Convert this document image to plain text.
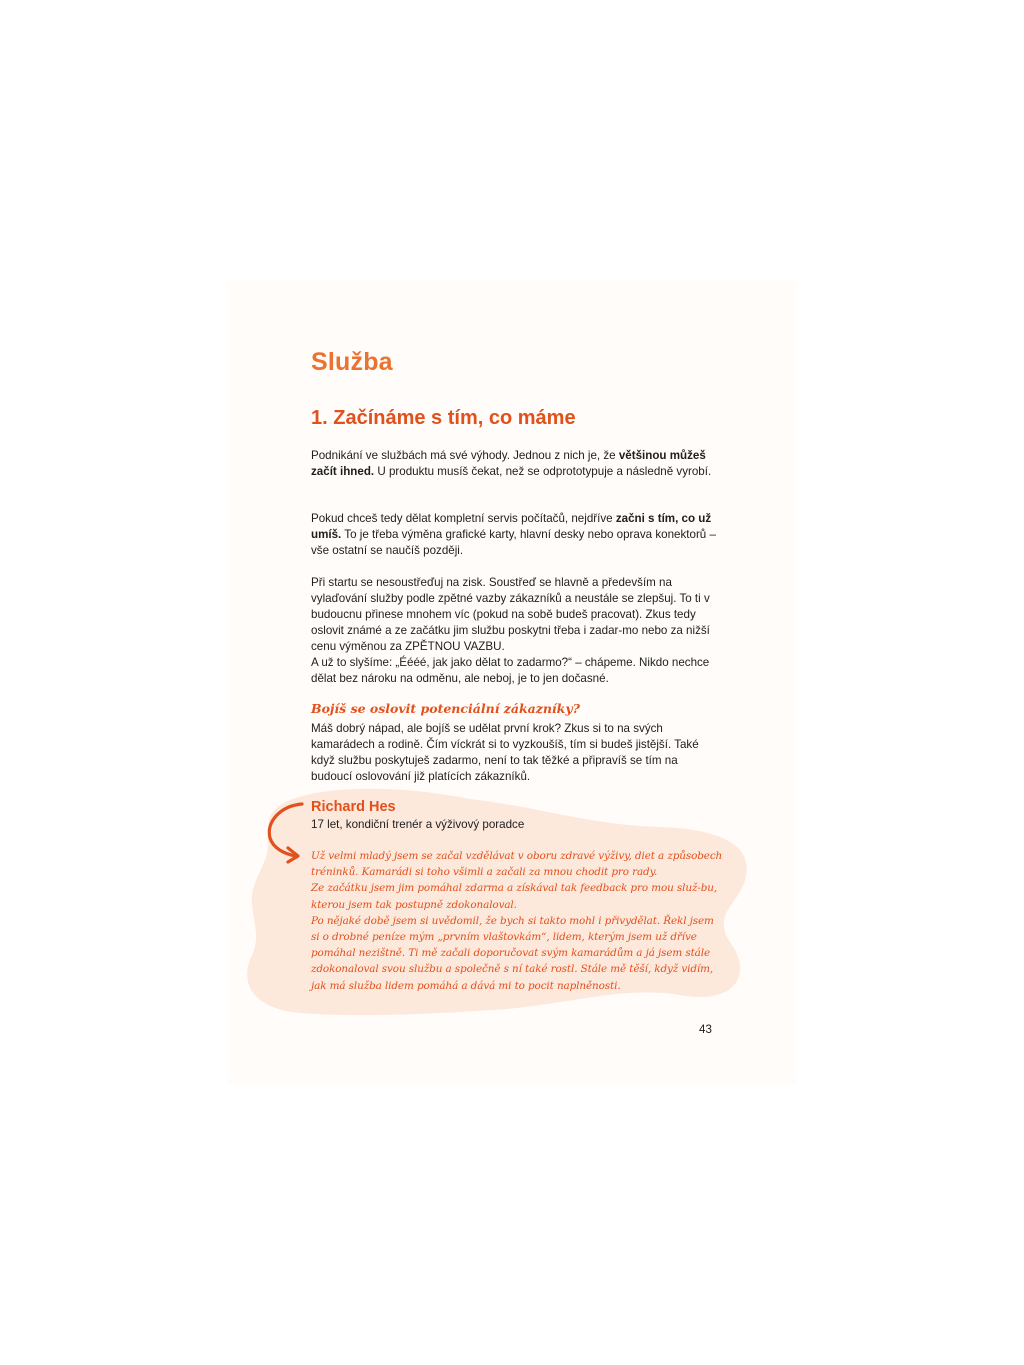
Služba
1. Začínáme s tím, co máme

Podnikání ve službách má své výhody. Jednou z nich je, že většinou můžeš začít ihned. U produktu musíš čekat, než se odprototypuje a následně vyrobí.

Pokud chceš tedy dělat kompletní servis počítačů, nejdříve začni s tím, co už umíš. To je třeba výměna grafické karty, hlavní desky nebo oprava konektorů – vše ostatní se naučíš později.

Při startu se nesoustřeďuj na zisk. Soustřeď se hlavně a především na vylaďování služby podle zpětné vazby zákazníků a neustále se zlepšuj. To ti v budoucnu přinese mnohem víc (pokud na sobě budeš pracovat). Zkus tedy oslovit známé a ze začátku jim službu poskytni třeba i zadar-mo nebo za nižší cenu výměnou za ZPĚTNOU VAZBU.
A už to slyšíme: „Éééé, jak jako dělat to zadarmo?“ – chápeme. Nikdo nechce dělat bez nároku na odměnu, ale neboj, je to jen dočasné.

Bojíš se oslovit potenciální zákazníky?

Máš dobrý nápad, ale bojíš se udělat první krok? Zkus si to na svých kamarádech a rodině. Čím víckrát si to vyzkoušíš, tím si budeš jistější. Také když službu poskytuješ zadarmo, není to tak těžké a připravíš se tím na budoucí oslovování již platících zákazníků.

Richard Hes

17 let, kondiční trenér a výživový poradce

Už velmi mladý jsem se začal vzdělávat v oboru zdravé výživy, diet a způsobech tréninků. Kamarádi si toho všimli a začali za mnou chodit pro rady.
Ze začátku jsem jim pomáhal zdarma a získával tak feedback pro mou služ-bu, kterou jsem tak postupně zdokonaloval.
Po nějaké době jsem si uvědomil, že bych si takto mohl i přivydělat. Řekl jsem si o drobné peníze mým „prvním vlaštovkám“, lidem, kterým jsem už dříve pomáhal nezištně. Ti mě začali doporučovat svým kamarádům a já jsem stále zdokonaloval svou službu a společně s ní také rostl. Stále mě těší, když vidím, jak má služba lidem pomáhá a dává mi to pocit naplněnosti.

43
